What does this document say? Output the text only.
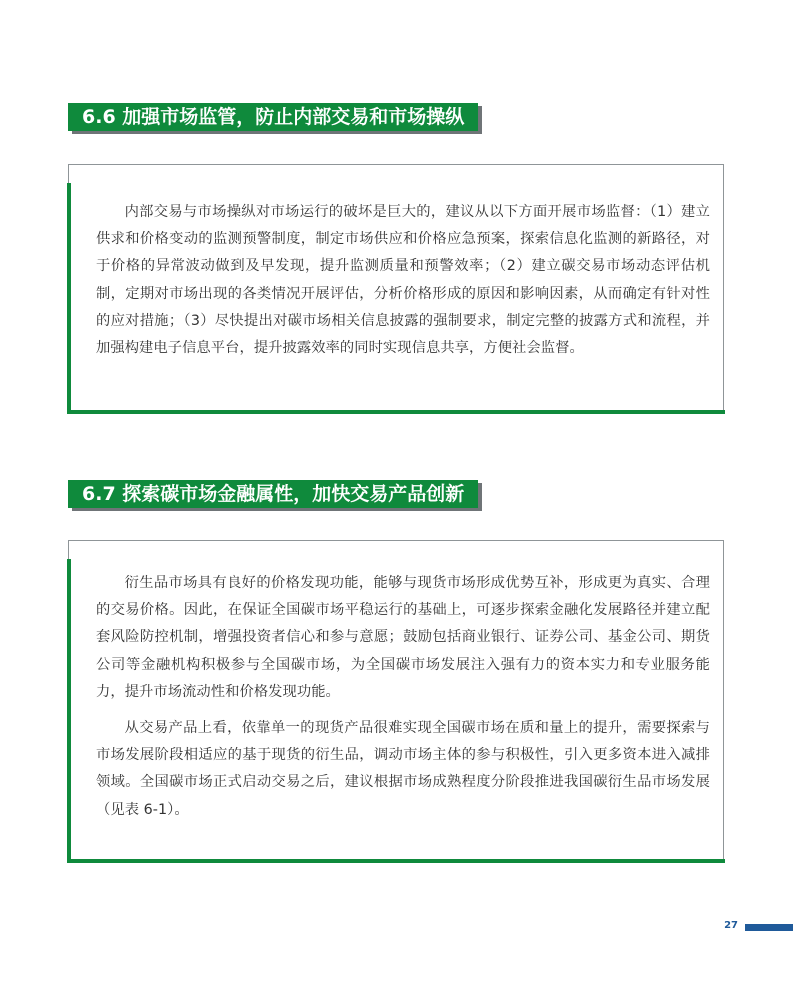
6.6 加强市场监管，防止内部交易和市场操纵

内部交易与市场操纵对市场运行的破坏是巨大的，建议从以下方面开展市场监督：（1）建立供求和价格变动的监测预警制度，制定市场供应和价格应急预案，探索信息化监测的新路径，对于价格的异常波动做到及早发现，提升监测质量和预警效率；（2）建立碳交易市场动态评估机制，定期对市场出现的各类情况开展评估，分析价格形成的原因和影响因素，从而确定有针对性的应对措施；（3）尽快提出对碳市场相关信息披露的强制要求，制定完整的披露方式和流程，并加强构建电子信息平台，提升披露效率的同时实现信息共享，方便社会监督。

6.7 探索碳市场金融属性，加快交易产品创新

衍生品市场具有良好的价格发现功能，能够与现货市场形成优势互补，形成更为真实、合理的交易价格。因此，在保证全国碳市场平稳运行的基础上，可逐步探索金融化发展路径并建立配套风险防控机制，增强投资者信心和参与意愿；鼓励包括商业银行、证券公司、基金公司、期货公司等金融机构积极参与全国碳市场，为全国碳市场发展注入强有力的资本实力和专业服务能力，提升市场流动性和价格发现功能。

从交易产品上看，依靠单一的现货产品很难实现全国碳市场在质和量上的提升，需要探索与市场发展阶段相适应的基于现货的衍生品，调动市场主体的参与积极性，引入更多资本进入减排领域。全国碳市场正式启动交易之后，建议根据市场成熟程度分阶段推进我国碳衍生品市场发展（见表 6-1）。

27
